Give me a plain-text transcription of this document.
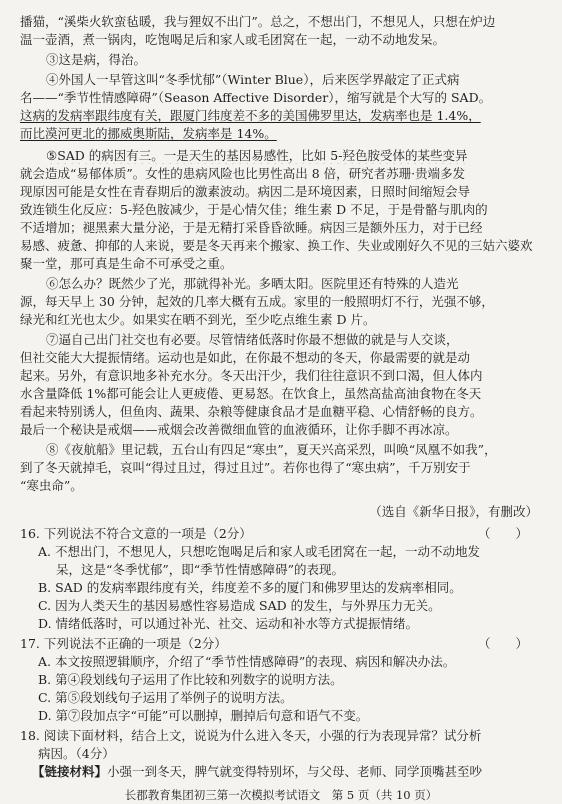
播猫，“溪柴火软蛮毡暖，我与狸奴不出门”。总之，不想出门，不想见人，只想在炉边
温一壶酒，煮一锅肉，吃饱喝足后和家人或毛团窝在一起，一动不动地发呆。
③这是病，得治。
④外国人一早管这叫“冬季忧郁”（Winter Blue），后来医学界敲定了正式病
名——“季节性情感障碍”（Season Affective Disorder），缩写就是个大写的 SAD。
这病的发病率跟纬度有关，跟厦门纬度差不多的美国佛罗里达，发病率也是 1.4%，
而比漠河更北的挪威奥斯陆，发病率是 14%。
⑤SAD 的病因有三。一是天生的基因易感性，比如 5-羟色胺受体的某些变异
就会造成“易郁体质”。女性的患病风险也比男性高出 8 倍，研究者苏珊·贵端多发
现原因可能是女性在青春期后的激素波动。病因二是环境因素，日照时间缩短会导
致连锁生化反应：5-羟色胺减少，于是心情欠佳；维生素 D 不足，于是骨骼与肌肉的
不适增加；褪黑素大量分泌，于是无精打采昏昏欲睡。病因三是额外压力，对于已经
易感、疲惫、抑郁的人来说，要是冬天再来个搬家、换工作、失业或刚好久不见的三姑六婆欢
聚一堂，那可真是生命不可承受之重。
⑥怎么办？既然少了光，那就得补光。多晒太阳。医院里还有特殊的人造光
源，每天早上 30 分钟，起效的几率大概有五成。家里的一般照明灯不行，光强不够，
绿光和红光也太少。如果实在晒不到光，至少吃点维生素 D 片。
⑦逼自己出门社交也有必要。尽管情绪低落时你最不想做的就是与人交谈，
但社交能大大提振情绪。运动也是如此，在你最不想动的冬天，你最需要的就是动
起来。另外，有意识地多补充水分。冬天出汗少，我们往往意识不到口渴，但人体内
水含量降低 1%都可能会让人更疲倦、更易怒。在饮食上，虽然高盐高油食物在冬天
看起来特别诱人，但鱼肉、蔬果、杂粮等健康食品才是血糖平稳、心情舒畅的良方。
最后一个秘诀是戒烟——戒烟会改善微细血管的血液循环，让你手脚不再冰凉。
⑧《夜航船》里记载，五台山有四足“寒虫”，夏天兴高采烈，叫唤“凤凰不如我”，
到了冬天就掉毛，哀叫“得过且过，得过且过”。若你也得了“寒虫病”，千万别安于
“寒虫命”。
（选自《新华日报》，有删改）
16. 下列说法不符合文意的一项是（2分）	（　　）
A. 不想出门，不想见人，只想吃饱喝足后和家人或毛团窝在一起，一动不动地发
呆，这是“冬季忧郁”，即“季节性情感障碍”的表现。
B. SAD 的发病率跟纬度有关，纬度差不多的厦门和佛罗里达的发病率相同。
C. 因为人类天生的基因易感性容易造成 SAD 的发生，与外界压力无关。
D. 情绪低落时，可以通过补光、社交、运动和补水等方式提振情绪。
17. 下列说法不正确的一项是（2分）	（　　）
A. 本文按照逻辑顺序，介绍了“季节性情感障碍”的表现、病因和解决办法。
B. 第④段划线句子运用了作比较和列数字的说明方法。
C. 第⑤段划线句子运用了举例子的说明方法。
D. 第⑦段加点字“可能”可以删掉，删掉后句意和语气不变。
18. 阅读下面材料，结合上文，说说为什么进入冬天，小强的行为表现异常？试分析
病因。（4分）
【链接材料】小强一到冬天，脾气就变得特别坏，与父母、老师、同学顶嘴甚至吵
长郡教育集团初三第一次模拟考试语文　第 5 页（共 10 页）
